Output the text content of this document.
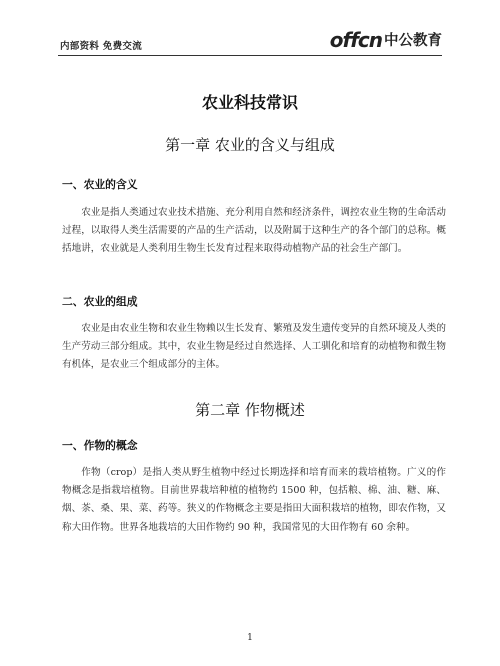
内部资料 免费交流	offcn 中公教育
农业科技常识
第一章 农业的含义与组成
一、农业的含义

农业是指人类通过农业技术措施、充分利用自然和经济条件，调控农业生物的生命活动过程，以取得人类生活需要的产品的生产活动，以及附属于这种生产的各个部门的总称。概括地讲，农业就是人类利用生物生长发育过程来取得动植物产品的社会生产部门。

二、农业的组成

农业是由农业生物和农业生物赖以生长发育、繁殖及发生遗传变异的自然环境及人类的生产劳动三部分组成。其中，农业生物是经过自然选择、人工驯化和培育的动植物和微生物有机体，是农业三个组成部分的主体。

第二章 作物概述
一、作物的概念

作物（crop）是指人类从野生植物中经过长期选择和培育而来的栽培植物。广义的作物概念是指栽培植物。目前世界栽培种植的植物约 1500 种，包括粮、棉、油、糖、麻、烟、茶、桑、果、菜、药等。狭义的作物概念主要是指田大面积栽培的植物，即农作物，又称大田作物。世界各地栽培的大田作物约 90 种，我国常见的大田作物有 60 余种。

1
